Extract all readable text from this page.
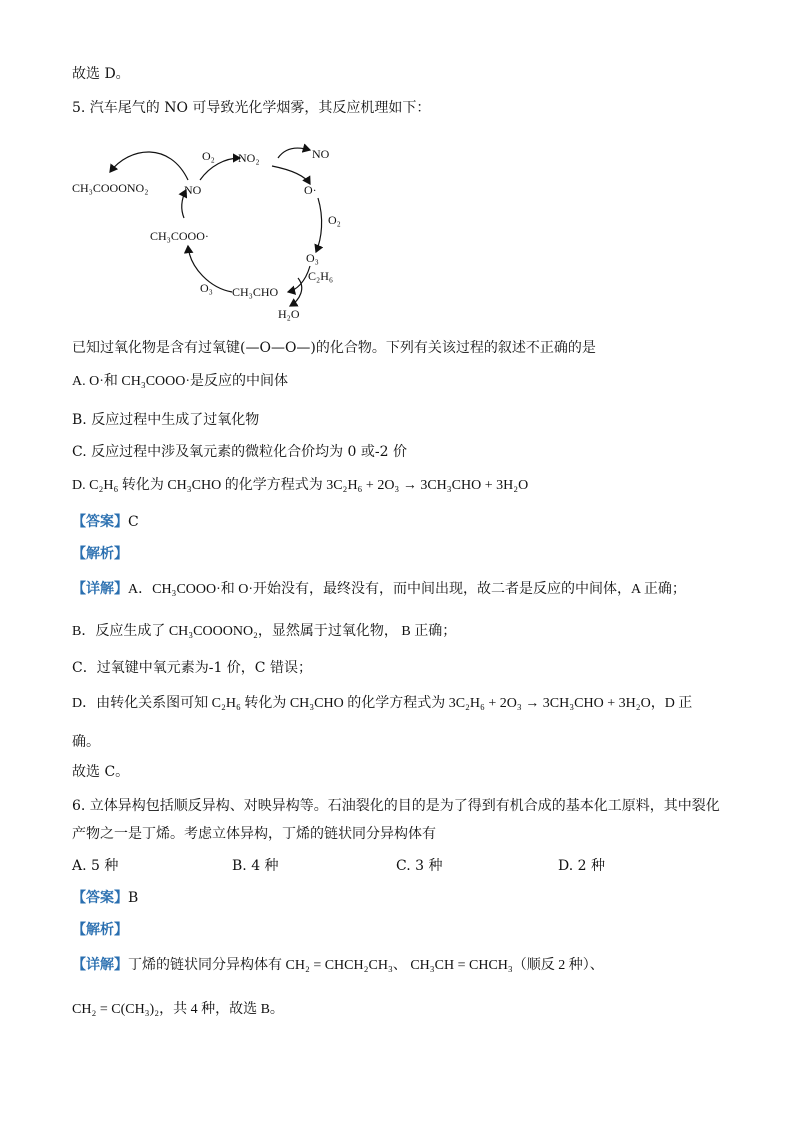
故选 D。
5. 汽车尾气的 NO 可导致光化学烟雾，其反应机理如下：
CH₃COOONO₂
O₂ NO₂	NO
NO	O·
O₂
CH₃COOO·
O₃
C₂H₆
O₃ CH₃CHO
H₂O
已知过氧化物是含有过氧键(—O—O—)的化合物。下列有关该过程的叙述不正确的是
A. O·和 CH₃COOO·是反应的中间体
B. 反应过程中生成了过氧化物
C. 反应过程中涉及氧元素的微粒化合价均为 0 或-2 价
D. C₂H₆ 转化为 CH₃CHO 的化学方程式为 3C₂H₆ + 2O₃ → 3CH₃CHO + 3H₂O
【答案】C
【解析】
【详解】A．CH₃COOO·和 O·开始没有，最终没有，而中间出现，故二者是反应的中间体，A 正确；
B．反应生成了 CH₃COOONO₂，显然属于过氧化物， B 正确；
C．过氧键中氧元素为-1 价，C 错误；
D．由转化关系图可知 C₂H₆ 转化为 CH₃CHO 的化学方程式为 3C₂H₆ + 2O₃ → 3CH₃CHO + 3H₂O，D 正
确。
故选 C。
6. 立体异构包括顺反异构、对映异构等。石油裂化的目的是为了得到有机合成的基本化工原料，其中裂化
产物之一是丁烯。考虑立体异构，丁烯的链状同分异构体有
A. 5 种	B. 4 种	C. 3 种	D. 2 种
【答案】B
【解析】
【详解】丁烯的链状同分异构体有 CH₂ = CHCH₂CH₃、 CH₃CH = CHCH₃（顺反 2 种）、
CH₂ = C(CH₃)₂，共 4 种，故选 B。
